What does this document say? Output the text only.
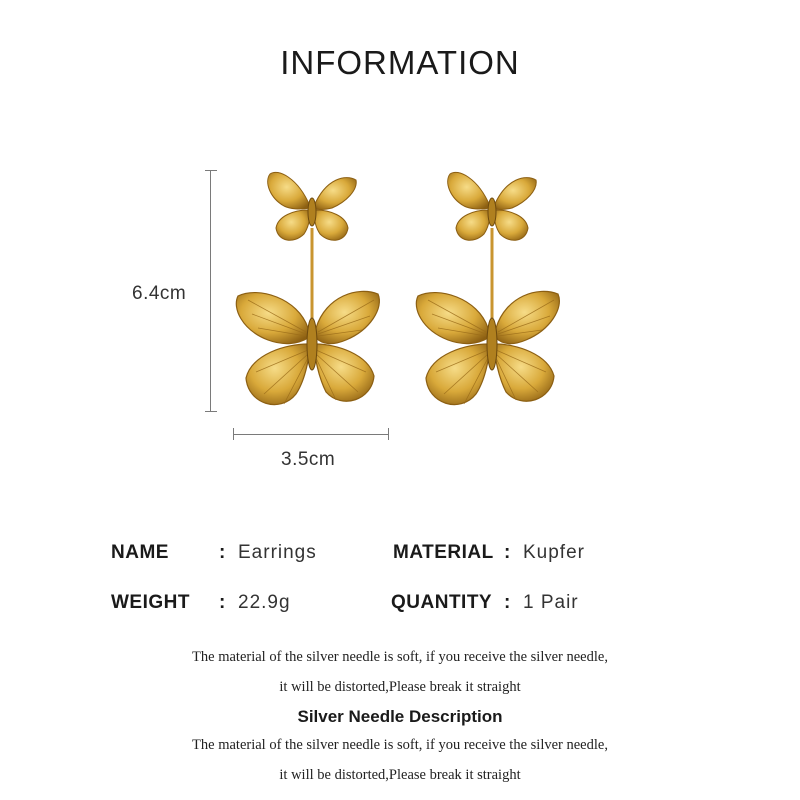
INFORMATION
6.4cm
3.5cm
NAME	: Earrings	MATERIAL : Kupfer
WEIGHT : 22.9g	QUANTITY : 1 Pair
The material of the silver needle is soft, if you receive the silver needle,
it will be distorted,Please break it straight
Silver Needle Description
The material of the silver needle is soft, if you receive the silver needle,
it will be distorted,Please break it straight
